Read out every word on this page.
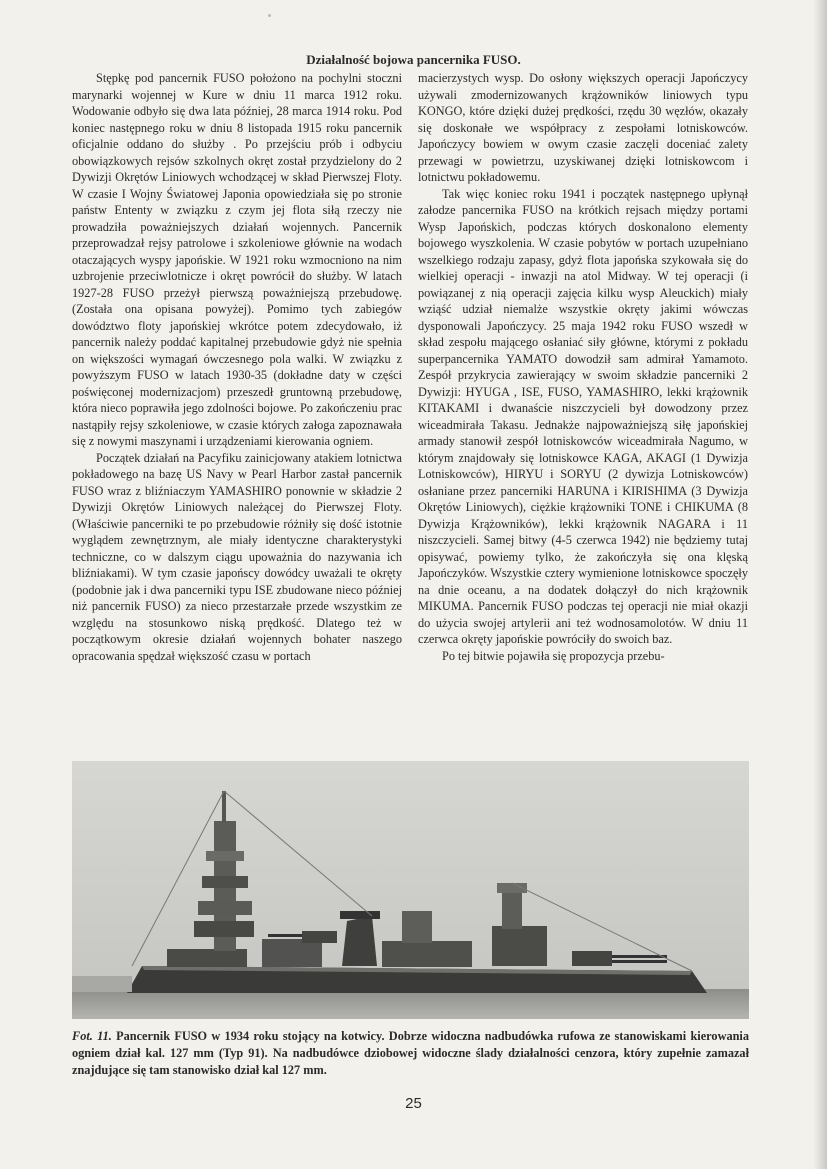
Działalność bojowa pancernika FUSO.

Stępkę pod pancernik FUSO położono na pochylni stoczni marynarki wojennej w Kure w dniu 11 marca 1912 roku. Wodowanie odbyło się dwa lata później, 28 marca 1914 roku. Pod koniec następnego roku w dniu 8 listopada 1915 roku pancernik oficjalnie oddano do służby . Po przejściu prób i odbyciu obowiązkowych rejsów szkolnych okręt został przydzielony do 2 Dywizji Okrętów Liniowych wchodzącej w skład Pierwszej Floty. W czasie I Wojny Światowej Japonia opowiedziała się po stronie państw Ententy w związku z czym jej flota siłą rzeczy nie prowadziła poważniejszych działań wojennych. Pancernik przeprowadzał rejsy patrolowe i szkoleniowe głównie na wodach otaczających wyspy japońskie. W 1921 roku wzmocniono na nim uzbrojenie przeciwlotnicze i okręt powrócił do służby. W latach 1927-28 FUSO przeżył pierwszą poważniejszą przebudowę. (Została ona opisana powyżej). Pomimo tych zabiegów dowództwo floty japońskiej wkrótce potem zdecydowało, iż pancernik należy poddać kapitalnej przebudowie gdyż nie spełnia on większości wymagań ówczesnego pola walki. W związku z powyższym FUSO w latach 1930-35 (dokładne daty w części poświęconej modernizacjom) przeszedł gruntowną przebudowę, która nieco poprawiła jego zdolności bojowe. Po zakończeniu prac nastąpiły rejsy szkoleniowe, w czasie których załoga zapoznawała się z nowymi maszynami i urządzeniami kierowania ogniem.

Początek działań na Pacyfiku zainicjowany atakiem lotnictwa pokładowego na bazę US Navy w Pearl Harbor zastał pancernik FUSO wraz z bliźniaczym YAMASHIRO ponownie w składzie 2 Dywizji Okrętów Liniowych należącej do Pierwszej Floty. (Właściwie pancerniki te po przebudowie różniły się dość istotnie wyglądem zewnętrznym, ale miały identyczne charakterystyki techniczne, co w dalszym ciągu upoważnia do nazywania ich bliźniakami). W tym czasie japońscy dowódcy uważali te okręty (podobnie jak i dwa pancerniki typu ISE zbudowane nieco później niż pancernik FUSO) za nieco przestarzałe przede wszystkim ze względu na stosunkowo niską prędkość. Dlatego też w początkowym okresie działań wojennych bohater naszego opracowania spędzał większość czasu w portach

macierzystych wysp. Do osłony większych operacji Japończycy używali zmodernizowanych krążowników liniowych typu KONGO, które dzięki dużej prędkości, rzędu 30 węzłów, okazały się doskonałe we współpracy z zespołami lotniskowców. Japończycy bowiem w owym czasie zaczęli doceniać zalety przewagi w powietrzu, uzyskiwanej dzięki lotniskowcom i lotnictwu pokładowemu.

Tak więc koniec roku 1941 i początek następnego upłynął załodze pancernika FUSO na krótkich rejsach między portami Wysp Japońskich, podczas których doskonalono elementy bojowego wyszkolenia. W czasie pobytów w portach uzupełniano wszelkiego rodzaju zapasy, gdyż flota japońska szykowała się do wielkiej operacji - inwazji na atol Midway. W tej operacji (i powiązanej z nią operacji zajęcia kilku wysp Aleuckich) miały wziąść udział niemalże wszystkie okręty jakimi wówczas dysponowali Japończycy. 25 maja 1942 roku FUSO wszedł w skład zespołu mającego osłaniać siły główne, którymi z pokładu superpancernika YAMATO dowodził sam admirał Yamamoto. Zespół przykrycia zawierający w swoim składzie pancerniki 2 Dywizji: HYUGA , ISE, FUSO, YAMASHIRO, lekki krążownik KITAKAMI i dwanaście niszczycieli był dowodzony przez wiceadmirała Takasu. Jednakże najpoważniejszą siłę japońskiej armady stanowił zespół lotniskowców wiceadmirała Nagumo, w którym znajdowały się lotniskowce KAGA, AKAGI (1 Dywizja Lotniskowców), HIRYU i SORYU (2 dywizja Lotniskowców) osłaniane przez pancerniki HARUNA i KIRISHIMA (3 Dywizja Okrętów Liniowych), ciężkie krążowniki TONE i CHIKUMA (8 Dywizja Krążowników), lekki krążownik NAGARA i 11 niszczycieli. Samej bitwy (4-5 czerwca 1942) nie będziemy tutaj opisywać, powiemy tylko, że zakończyła się ona klęską Japończyków. Wszystkie cztery wymienione lotniskowce spoczęły na dnie oceanu, a na dodatek dołączył do nich krążownik MIKUMA. Pancernik FUSO podczas tej operacji nie miał okazji do użycia swojej artylerii ani też wodnosamolotów. W dniu 11 czerwca okręty japońskie powróciły do swoich baz.

Po tej bitwie pojawiła się propozycja przebu-

Fot. 11. Pancernik FUSO w 1934 roku stojący na kotwicy. Dobrze widoczna nadbudówka rufowa ze stanowiskami kierowania ogniem dział kal. 127 mm (Typ 91). Na nadbudówce dziobowej widoczne ślady działalności cenzora, który zupełnie zamazał znajdujące się tam stanowisko dział kal 127 mm.
25
